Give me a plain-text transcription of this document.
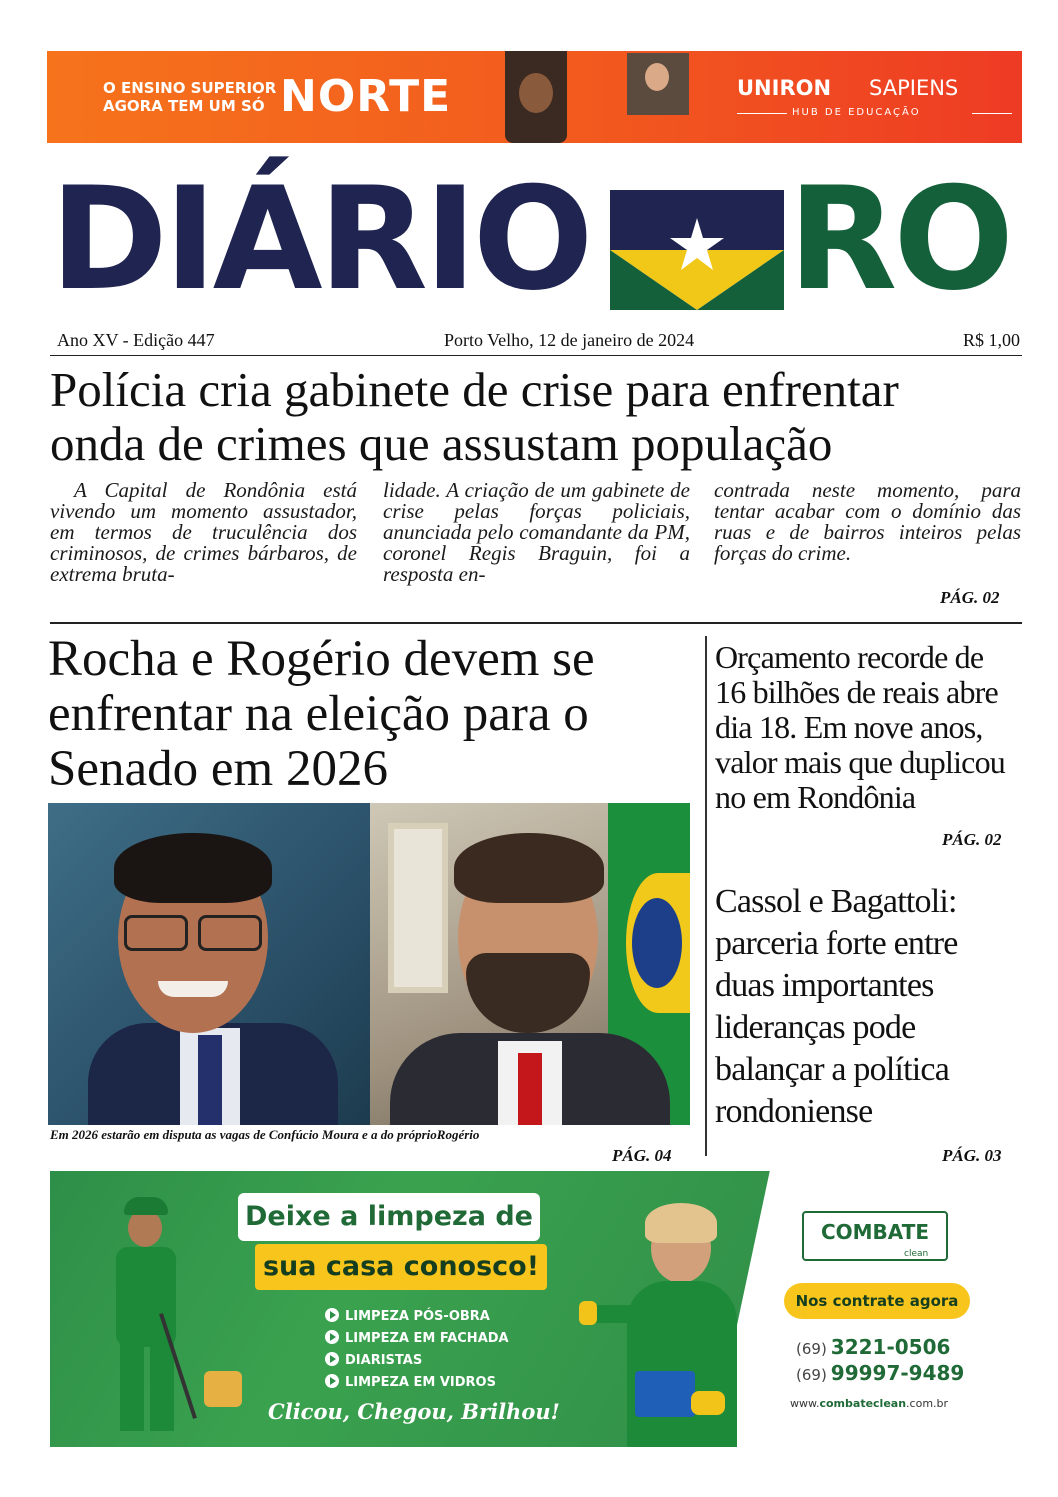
O ENSINO SUPERIOR
AGORA TEM UM SÓ NORTE	UNIRON SAPIENS
HUB DE EDUCAÇÃO
DIÁRIO RO
Ano XV - Edição 447	Porto Velho, 12 de janeiro de 2024	R$ 1,00
Polícia cria gabinete de crise para enfrentar
onda de crimes que assustam população
A Capital de Rondônia está vivendo um momento assustador, em termos de truculência dos criminosos, de crimes bárbaros, de extrema bruta-
lidade. A criação de um gabinete de crise pelas forças policiais, anunciada pelo comandante da PM, coronel Regis Braguin, foi a resposta en-
contrada neste momento, para tentar acabar com o domínio das ruas e de bairros inteiros pelas forças do crime.
PÁG. 02
Rocha e Rogério devem se enfrentar na eleição para o Senado em 2026
Em 2026 estarão em disputa as vagas de Confúcio Moura e a do próprioRogério
PÁG. 04
Orçamento recorde de 16 bilhões de reais abre dia 18. Em nove anos, valor mais que duplicou no em Rondônia
PÁG. 02
Cassol e Bagattoli: parceria forte entre duas importantes lideranças pode balançar a política rondoniense
PÁG. 03
Deixe a limpeza de
sua casa conosco!
LIMPEZA PÓS-OBRA
LIMPEZA EM FACHADA
DIARISTAS
LIMPEZA EM VIDROS
Clicou, Chegou, Brilhou!
COMBATE
clean
Nos contrate agora
(69) 3221-0506
(69) 99997-9489
www.combateclean.com.br
